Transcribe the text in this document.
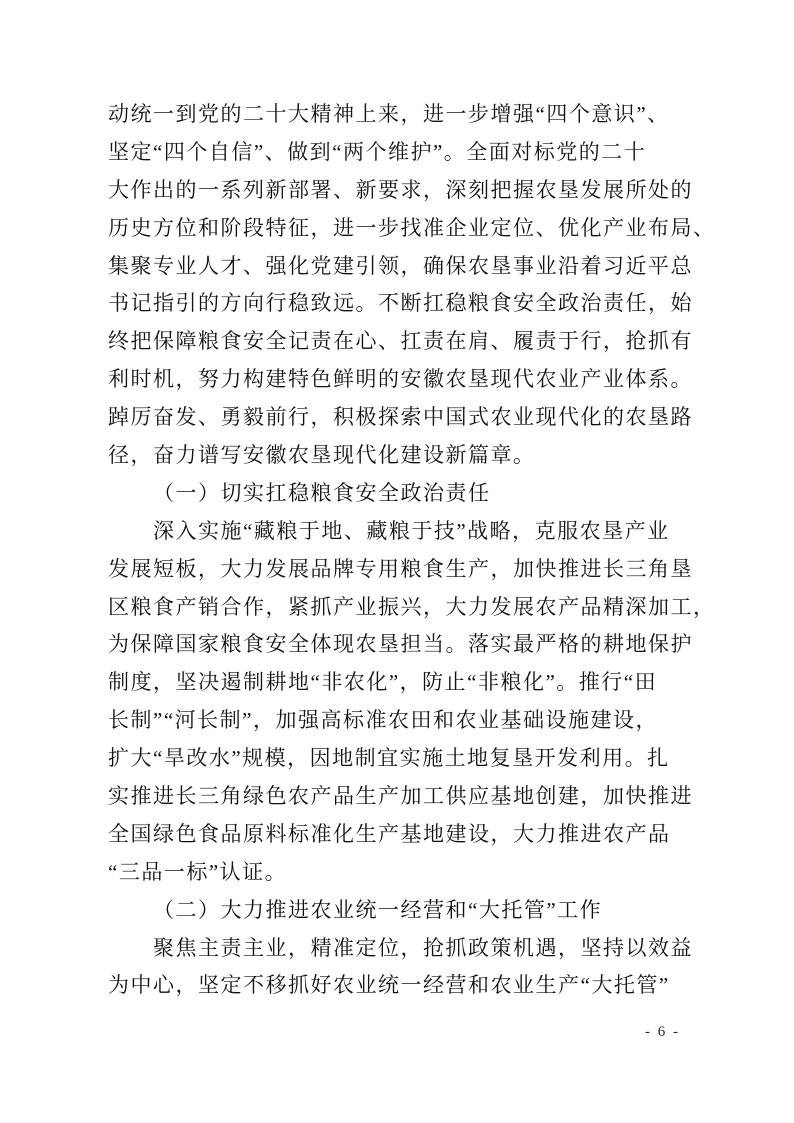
动统一到党的二十大精神上来，进一步增强“四个意识”、
坚定“四个自信”、做到“两个维护”。全面对标党的二十
大作出的一系列新部署、新要求，深刻把握农垦发展所处的
历史方位和阶段特征，进一步找准企业定位、优化产业布局、
集聚专业人才、强化党建引领，确保农垦事业沿着习近平总
书记指引的方向行稳致远。不断扛稳粮食安全政治责任，始
终把保障粮食安全记责在心、扛责在肩、履责于行，抢抓有
利时机，努力构建特色鲜明的安徽农垦现代农业产业体系。
踔厉奋发、勇毅前行，积极探索中国式农业现代化的农垦路
径，奋力谱写安徽农垦现代化建设新篇章。
（一）切实扛稳粮食安全政治责任
深入实施“藏粮于地、藏粮于技”战略，克服农垦产业
发展短板，大力发展品牌专用粮食生产，加快推进长三角垦
区粮食产销合作，紧抓产业振兴，大力发展农产品精深加工，
为保障国家粮食安全体现农垦担当。落实最严格的耕地保护
制度，坚决遏制耕地“非农化”，防止“非粮化”。推行“田
长制”“河长制”，加强高标准农田和农业基础设施建设，
扩大“旱改水”规模，因地制宜实施土地复垦开发利用。扎
实推进长三角绿色农产品生产加工供应基地创建，加快推进
全国绿色食品原料标准化生产基地建设，大力推进农产品
“三品一标”认证。
（二）大力推进农业统一经营和“大托管”工作
聚焦主责主业，精准定位，抢抓政策机遇，坚持以效益
为中心，坚定不移抓好农业统一经营和农业生产“大托管”
- 6 -
